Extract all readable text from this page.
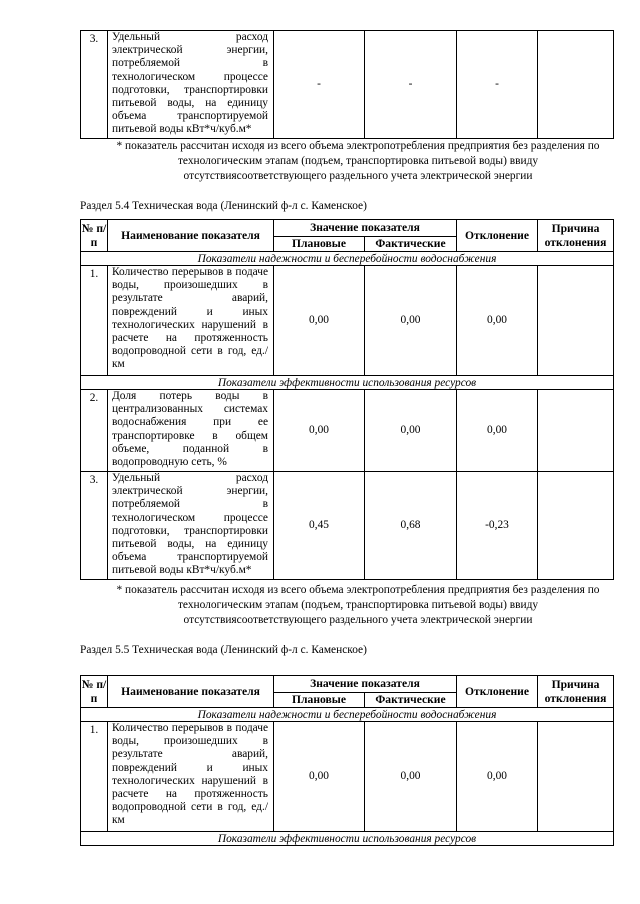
3.	Удельный расход электрической энергии, потребляемой в технологическом процессе подготовки, транспортировки питьевой воды, на единицу объема транспортируемой питьевой воды кВт*ч/куб.м*	-	-	-	
* показатель рассчитан исходя из всего объема электропотребления предприятия без разделения по технологическим этапам (подъем, транспортировка питьевой воды) ввиду отсутствиясоответствующего раздельного учета электрической энергии
Раздел 5.4 Техническая вода (Ленинский ф-л с. Каменское)
№ п/п	Наименование показателя	Значение показателя		Отклонение	Причина отклонения
		Плановые	Фактические		
Показатели надежности и бесперебойности водоснабжения					
1.	Количество перерывов в подаче воды, произошедших в результате аварий, повреждений и иных технологических нарушений в расчете на протяженность водопроводной сети в год, ед./км	0,00	0,00	0,00	
Показатели эффективности использования ресурсов					
2.	Доля потерь воды в централизованных системах водоснабжения при ее транспортировке в общем объеме, поданной в водопроводную сеть, %	0,00	0,00	0,00	
3.	Удельный расход электрической энергии, потребляемой в технологическом процессе подготовки, транспортировки питьевой воды, на единицу объема транспортируемой питьевой воды кВт*ч/куб.м*	0,45	0,68	-0,23	
* показатель рассчитан исходя из всего объема электропотребления предприятия без разделения по технологическим этапам (подъем, транспортировка питьевой воды) ввиду отсутствиясоответствующего раздельного учета электрической энергии
Раздел 5.5 Техническая вода (Ленинский ф-л с. Каменское)
№ п/п	Наименование показателя	Значение показателя		Отклонение	Причина отклонения
		Плановые	Фактические		
Показатели надежности и бесперебойности водоснабжения					
1.	Количество перерывов в подаче воды, произошедших в результате аварий, повреждений и иных технологических нарушений в расчете на протяженность водопроводной сети в год, ед./км	0,00	0,00	0,00	
Показатели эффективности использования ресурсов					
